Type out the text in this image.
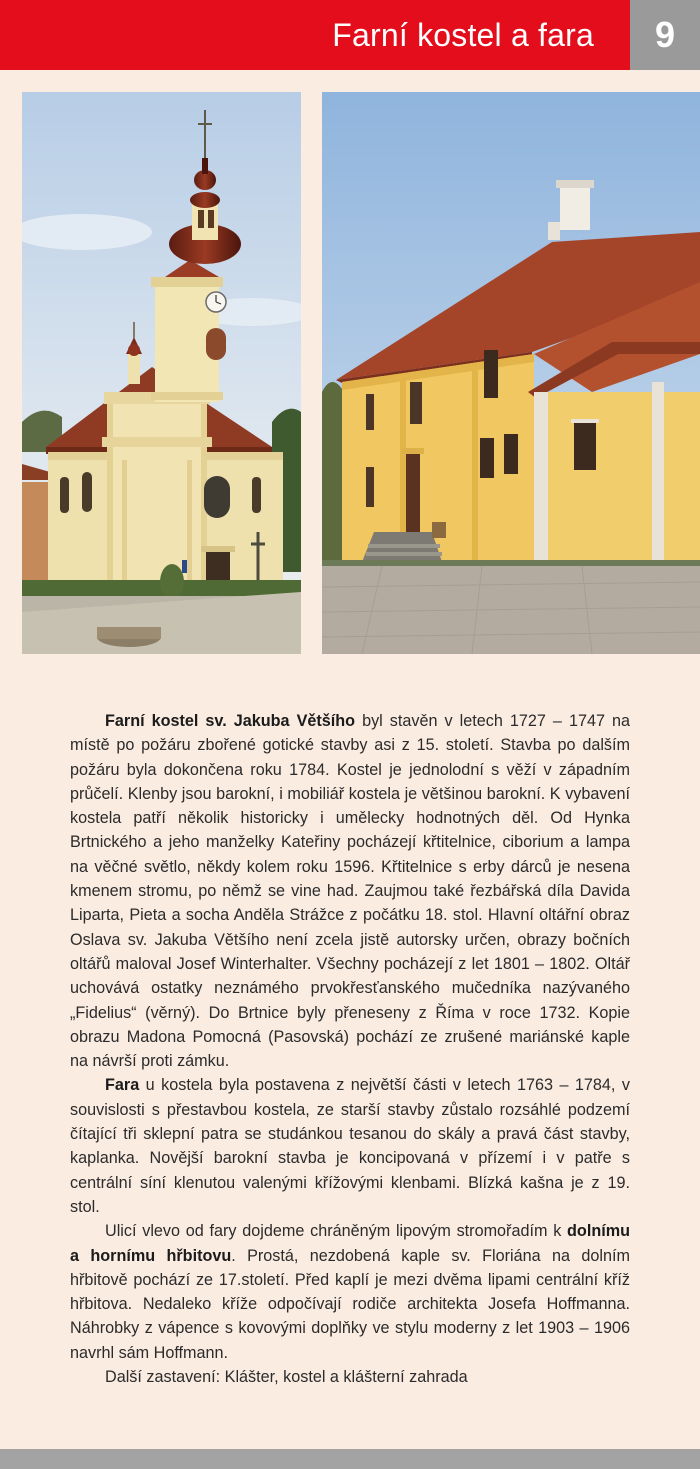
Farní kostel a fara	9

Farní kostel sv. Jakuba Většího byl stavěn v letech 1727 – 1747 na místě po požáru zbořené gotické stavby asi z 15. století. Stavba po dalším požáru byla dokončena roku 1784. Kostel je jednolodní s věží v západním průčelí. Klenby jsou barokní, i mobiliář kostela je většinou barokní. K vybavení kostela patří několik historicky i umělecky hodnotných děl. Od Hynka Brtnického a jeho manželky Kateřiny pocházejí křtitelnice, ciborium a lampa na věčné světlo, někdy kolem roku 1596. Křtitelnice s erby dárců je nesena kmenem stromu, po němž se vine had. Zaujmou také řezbářská díla Davida Liparta, Pieta a socha Anděla Strážce z počátku 18. stol. Hlavní oltářní obraz Oslava sv. Jakuba Většího není zcela jistě autorsky určen, obrazy bočních oltářů maloval Josef Winterhalter. Všechny pocházejí z let 1801 – 1802. Oltář uchovává ostatky neznámého prvokřesťanského mučedníka nazývaného „Fidelius“ (věrný). Do Brtnice byly přeneseny z Říma v roce 1732. Kopie obrazu Madona Pomocná (Pasovská) pochází ze zrušené mariánské kaple na návrší proti zámku.

Fara u kostela byla postavena z největší části v letech 1763 – 1784, v souvislosti s přestavbou kostela, ze starší stavby zůstalo rozsáhlé podzemí čítající tři sklepní patra se studánkou tesanou do skály a pravá část stavby, kaplanka. Novější barokní stavba je koncipovaná v přízemí i v patře s centrální síní klenutou valenými křížovými klenbami. Blízká kašna je z 19. stol.

Ulicí vlevo od fary dojdeme chráněným lipovým stromořadím k dolnímu a hornímu hřbitovu. Prostá, nezdobená kaple sv. Floriána na dolním hřbitově pochází ze 17.století. Před kaplí je mezi dvěma lipami centrální kříž hřbitova. Nedaleko kříže odpočívají rodiče architekta Josefa Hoffmanna. Náhrobky z vápence s kovovými doplňky ve stylu moderny z let 1903 – 1906 navrhl sám Hoffmann.

Další zastavení: Klášter, kostel a klášterní zahrada
